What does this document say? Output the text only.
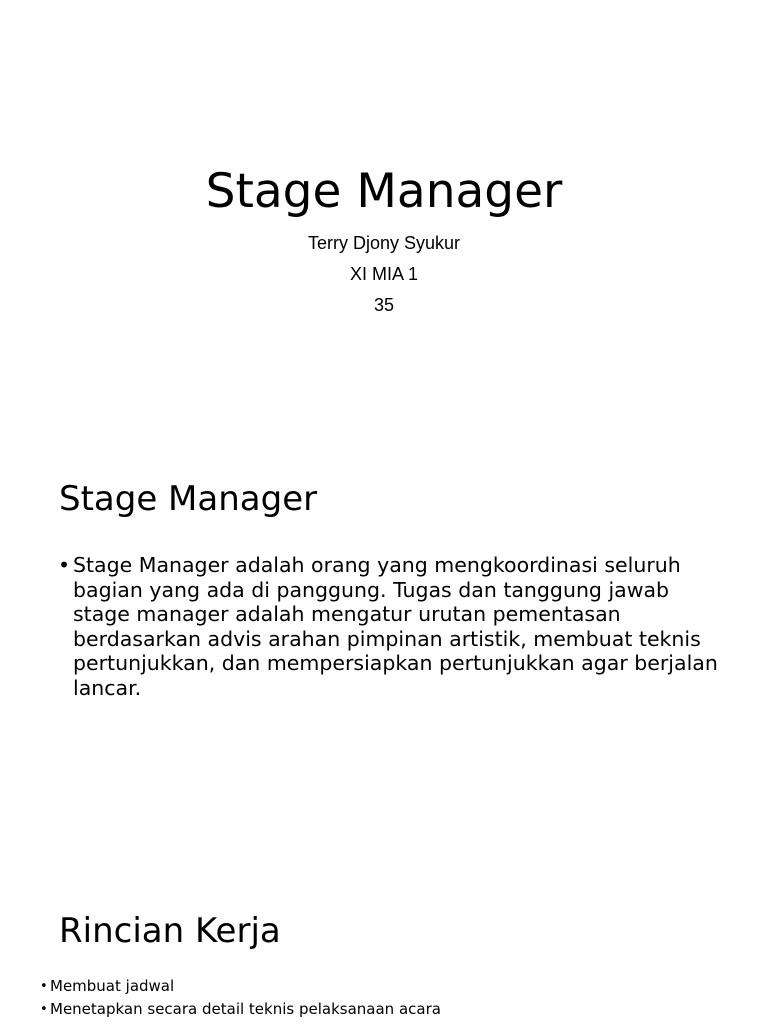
Stage Manager
Terry Djony Syukur
XI MIA 1
35
Stage Manager
• Stage Manager adalah orang yang mengkoordinasi seluruh bagian yang ada di panggung. Tugas dan tanggung jawab stage manager adalah mengatur urutan pementasan berdasarkan advis arahan pimpinan artistik, membuat teknis pertunjukkan, dan mempersiapkan pertunjukkan agar berjalan lancar.
Rincian Kerja
• Membuat jadwal
• Menetapkan secara detail teknis pelaksanaan acara
